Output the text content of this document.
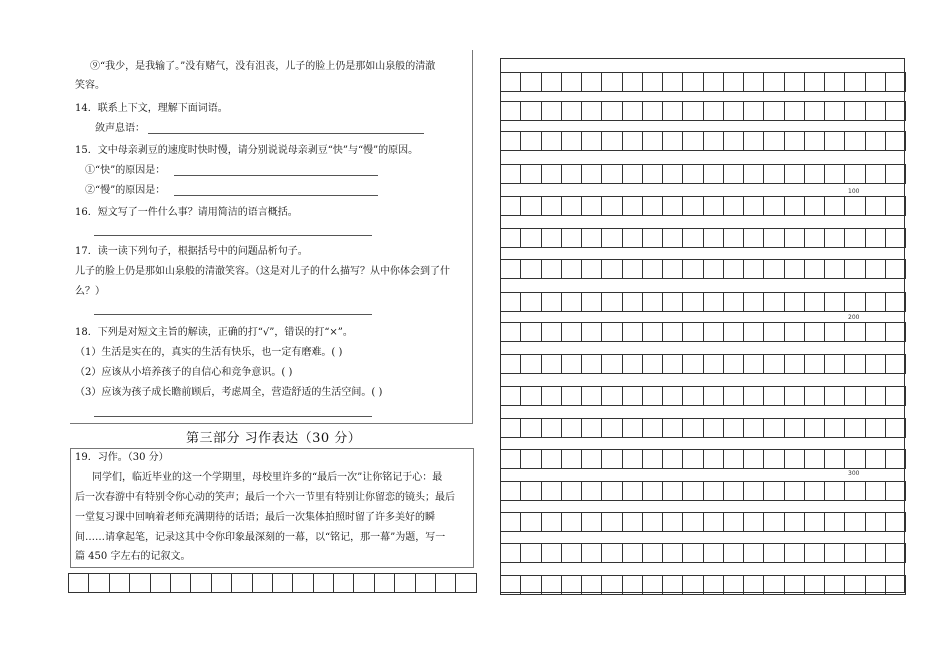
⑨“我少，是我输了。”没有赌气，没有沮丧，儿子的脸上仍是那如山泉般的清澈
笑容。
14．联系上下文，理解下面词语。
敛声息语：
15．文中母亲剥豆的速度时快时慢，请分别说说母亲剥豆“快”与“慢”的原因。
①“快”的原因是：
②“慢”的原因是：
16．短文写了一件什么事？请用简洁的语言概括。
17．读一读下列句子，根据括号中的问题品析句子。
儿子的脸上仍是那如山泉般的清澈笑容。（这是对儿子的什么描写？从中你体会到了什
么？）
18．下列是对短文主旨的解读，正确的打“√”，错误的打“×”。
（1）生活是实在的，真实的生活有快乐，也一定有磨难。( )
（2）应该从小培养孩子的自信心和竞争意识。( )
（3）应该为孩子成长瞻前顾后，考虑周全，营造舒适的生活空间。( )
第三部分 习作表达（30 分）
19．习作。（30 分）
同学们，临近毕业的这一个学期里，母校里许多的“最后一次”让你铭记于心：最
后一次春游中有特别令你心动的笑声；最后一个六一节里有特别让你留恋的镜头；最后
一堂复习课中回响着老师充满期待的话语；最后一次集体拍照时留了许多美好的瞬
间……请拿起笔，记录这其中令你印象最深刻的一幕，以“铭记，那一幕”为题，写一
篇 450 字左右的记叙文。
100
200
300
